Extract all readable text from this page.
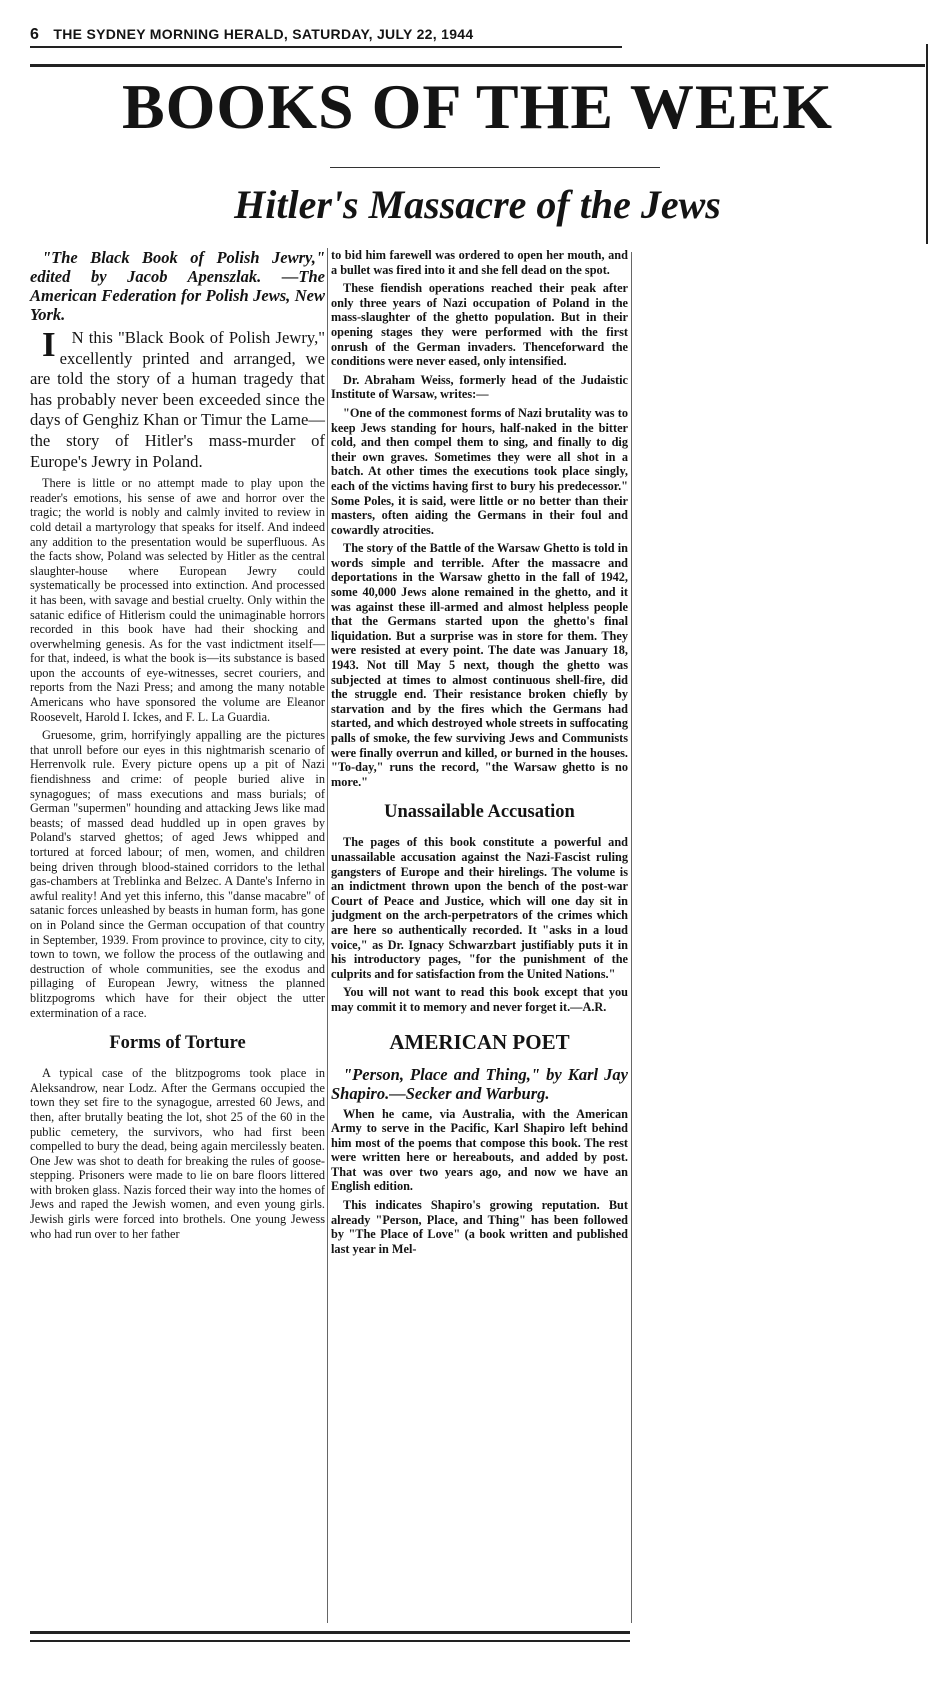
6 THE SYDNEY MORNING HERALD, SATURDAY, JULY 22, 1944
BOOKS OF THE WEEK
Hitler's Massacre of the Jews

"The Black Book of Polish Jewry," edited by Jacob Apenszlak. —The American Federation for Polish Jews, New York.

I N this "Black Book of Polish Jewry," excellently printed and arranged, we are told the story of a human tragedy that has probably never been exceeded since the days of Genghiz Khan or Timur the Lame—the story of Hitler's mass-murder of Europe's Jewry in Poland.

There is little or no attempt made to play upon the reader's emotions, his sense of awe and horror over the tragic; the world is nobly and calmly invited to review in cold detail a martyrology that speaks for itself. And indeed any addition to the presentation would be superfluous. As the facts show, Poland was selected by Hitler as the central slaughter-house where European Jewry could systematically be processed into extinction. And processed it has been, with savage and bestial cruelty. Only within the satanic edifice of Hitlerism could the unimaginable horrors recorded in this book have had their shocking and overwhelming genesis. As for the vast indictment itself—for that, indeed, is what the book is—its substance is based upon the accounts of eye-witnesses, secret couriers, and reports from the Nazi Press; and among the many notable Americans who have sponsored the volume are Eleanor Roosevelt, Harold I. Ickes, and F. L. La Guardia.

Gruesome, grim, horrifyingly appalling are the pictures that unroll before our eyes in this nightmarish scenario of Herrenvolk rule. Every picture opens up a pit of Nazi fiendishness and crime: of people buried alive in synagogues; of mass executions and mass burials; of German "supermen" hounding and attacking Jews like mad beasts; of massed dead huddled up in open graves by Poland's starved ghettos; of aged Jews whipped and tortured at forced labour; of men, women, and children being driven through blood-stained corridors to the lethal gas-chambers at Treblinka and Belzec. A Dante's Inferno in awful reality! And yet this inferno, this "danse macabre" of satanic forces unleashed by beasts in human form, has gone on in Poland since the German occupation of that country in September, 1939. From province to province, city to city, town to town, we follow the process of the outlawing and destruction of whole communities, see the exodus and pillaging of European Jewry, witness the planned blitzpogroms which have for their object the utter extermination of a race.

Forms of Torture

A typical case of the blitzpogroms took place in Aleksandrow, near Lodz. After the Germans occupied the town they set fire to the synagogue, arrested 60 Jews, and then, after brutally beating the lot, shot 25 of the 60 in the public cemetery, the survivors, who had first been compelled to bury the dead, being again mercilessly beaten. One Jew was shot to death for breaking the rules of goose-stepping. Prisoners were made to lie on bare floors littered with broken glass. Nazis forced their way into the homes of Jews and raped the Jewish women, and even young girls. Jewish girls were forced into brothels. One young Jewess who had run over to her father

to bid him farewell was ordered to open her mouth, and a bullet was fired into it and she fell dead on the spot.

These fiendish operations reached their peak after only three years of Nazi occupation of Poland in the mass-slaughter of the ghetto population. But in their opening stages they were performed with the first onrush of the German invaders. Thenceforward the conditions were never eased, only intensified.

Dr. Abraham Weiss, formerly head of the Judaistic Institute of Warsaw, writes:—

"One of the commonest forms of Nazi brutality was to keep Jews standing for hours, half-naked in the bitter cold, and then compel them to sing, and finally to dig their own graves. Sometimes they were all shot in a batch. At other times the executions took place singly, each of the victims having first to bury his predecessor." Some Poles, it is said, were little or no better than their masters, often aiding the Germans in their foul and cowardly atrocities.

The story of the Battle of the Warsaw Ghetto is told in words simple and terrible. After the massacre and deportations in the Warsaw ghetto in the fall of 1942, some 40,000 Jews alone remained in the ghetto, and it was against these ill-armed and almost helpless people that the Germans started upon the ghetto's final liquidation. But a surprise was in store for them. They were resisted at every point. The date was January 18, 1943. Not till May 5 next, though the ghetto was subjected at times to almost continuous shell-fire, did the struggle end. Their resistance broken chiefly by starvation and by the fires which the Germans had started, and which destroyed whole streets in suffocating palls of smoke, the few surviving Jews and Communists were finally overrun and killed, or burned in the houses. "To-day," runs the record, "the Warsaw ghetto is no more."

Unassailable Accusation

The pages of this book constitute a powerful and unassailable accusation against the Nazi-Fascist ruling gangsters of Europe and their hirelings. The volume is an indictment thrown upon the bench of the post-war Court of Peace and Justice, which will one day sit in judgment on the arch-perpetrators of the crimes which are here so authentically recorded. It "asks in a loud voice," as Dr. Ignacy Schwarzbart justifiably puts it in his introductory pages, "for the punishment of the culprits and for satisfaction from the United Nations."

You will not want to read this book except that you may commit it to memory and never forget it.—A.R.

AMERICAN POET

"Person, Place and Thing," by Karl Jay Shapiro.—Secker and Warburg.

When he came, via Australia, with the American Army to serve in the Pacific, Karl Shapiro left behind him most of the poems that compose this book. The rest were written here or hereabouts, and added by post. That was over two years ago, and now we have an English edition.

This indicates Shapiro's growing reputation. But already "Person, Place, and Thing" has been followed by "The Place of Love" (a book written and published last year in Mel-
